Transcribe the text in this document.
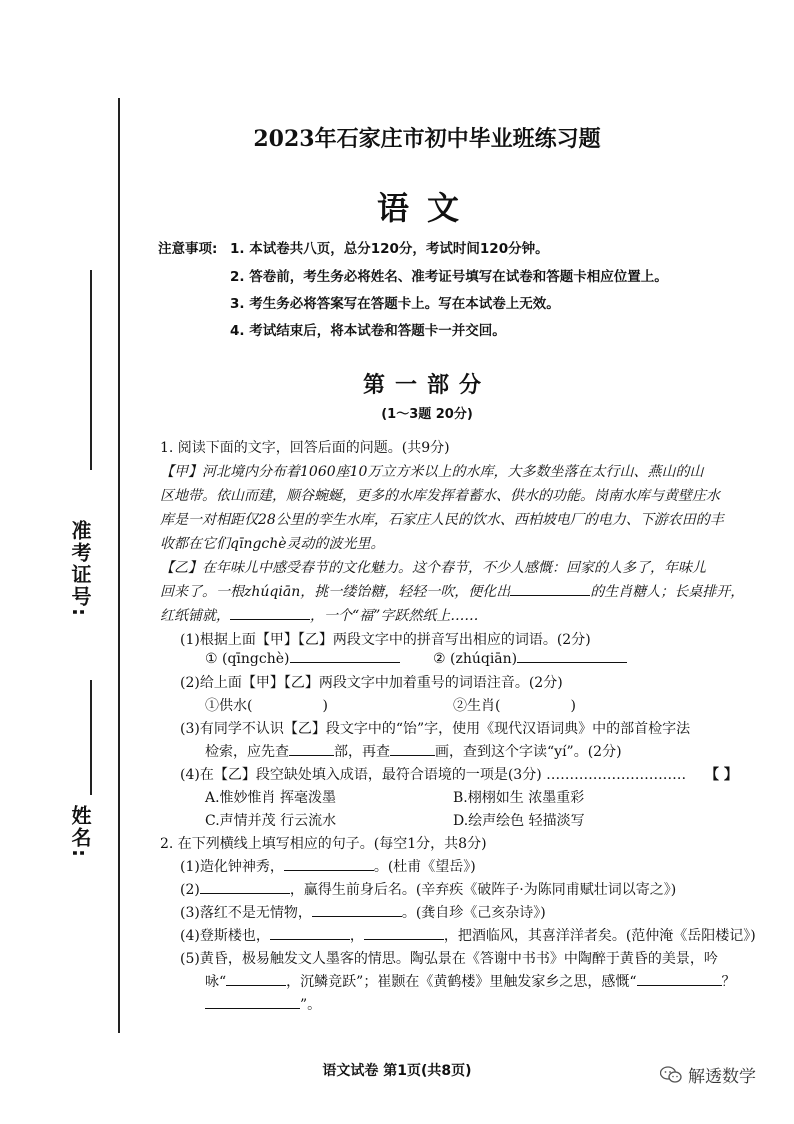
准考证号:
姓名:
2023年石家庄市初中毕业班练习题
语文
注意事项: 1. 本试卷共八页，总分120分，考试时间120分钟。
2. 答卷前，考生务必将姓名、准考证号填写在试卷和答题卡相应位置上。
3. 考生务必将答案写在答题卡上。写在本试卷上无效。
4. 考试结束后，将本试卷和答题卡一并交回。
第一部分
(1～3题 20分)
1. 阅读下面的文字，回答后面的问题。(共9分)
【甲】河北境内分布着1060座10万立方米以上的水库，大多数坐落在太行山、燕山的山
区地带。依山而建，顺谷蜿蜒，更多的水库发挥着蓄水、供水的功能。岗南水库与黄壁庄水
库是一对相距仅28公里的孪生水库，石家庄人民的饮水、西柏坡电厂的电力、下游农田的丰
收都在它们qīngchè灵动的波光里。
【乙】在年味儿中感受春节的文化魅力。这个春节，不少人感慨：回家的人多了，年味儿
回来了。一根zhúqiān，挑一缕饴糖，轻轻一吹，便化出	的生肖糖人；长桌排开，
红纸铺就，	，一个“福”字跃然纸上……
(1)根据上面【甲】【乙】两段文字中的拼音写出相应的词语。(2分)
① (qīngchè)	② (zhúqiān)
(2)给上面【甲】【乙】两段文字中加着重号的词语注音。(2分)
①供水(	)	②生肖(	)
(3)有同学不认识【乙】段文字中的“饴”字，使用《现代汉语词典》中的部首检字法
检索，应先查	部，再查	画，查到这个字读“yí”。(2分)
(4)在【乙】段空缺处填入成语，最符合语境的一项是(3分) ………………………… 【 】
A.惟妙惟肖 挥毫泼墨	B.栩栩如生 浓墨重彩
C.声情并茂 行云流水	D.绘声绘色 轻描淡写
2. 在下列横线上填写相应的句子。(每空1分，共8分)
(1)造化钟神秀，	。(杜甫《望岳》)
(2)	，赢得生前身后名。(辛弃疾《破阵子·为陈同甫赋壮词以寄之》)
(3)落红不是无情物，	。(龚自珍《己亥杂诗》)
(4)登斯楼也，	，	，把酒临风，其喜洋洋者矣。(范仲淹《岳阳楼记》)
(5)黄昏，极易触发文人墨客的情思。陶弘景在《答谢中书书》中陶醉于黄昏的美景，吟
咏“	，沉鳞竞跃”；崔颢在《黄鹤楼》里触发家乡之思，感慨“	？
”。
语文试卷 第1页(共8页)	解透数学
